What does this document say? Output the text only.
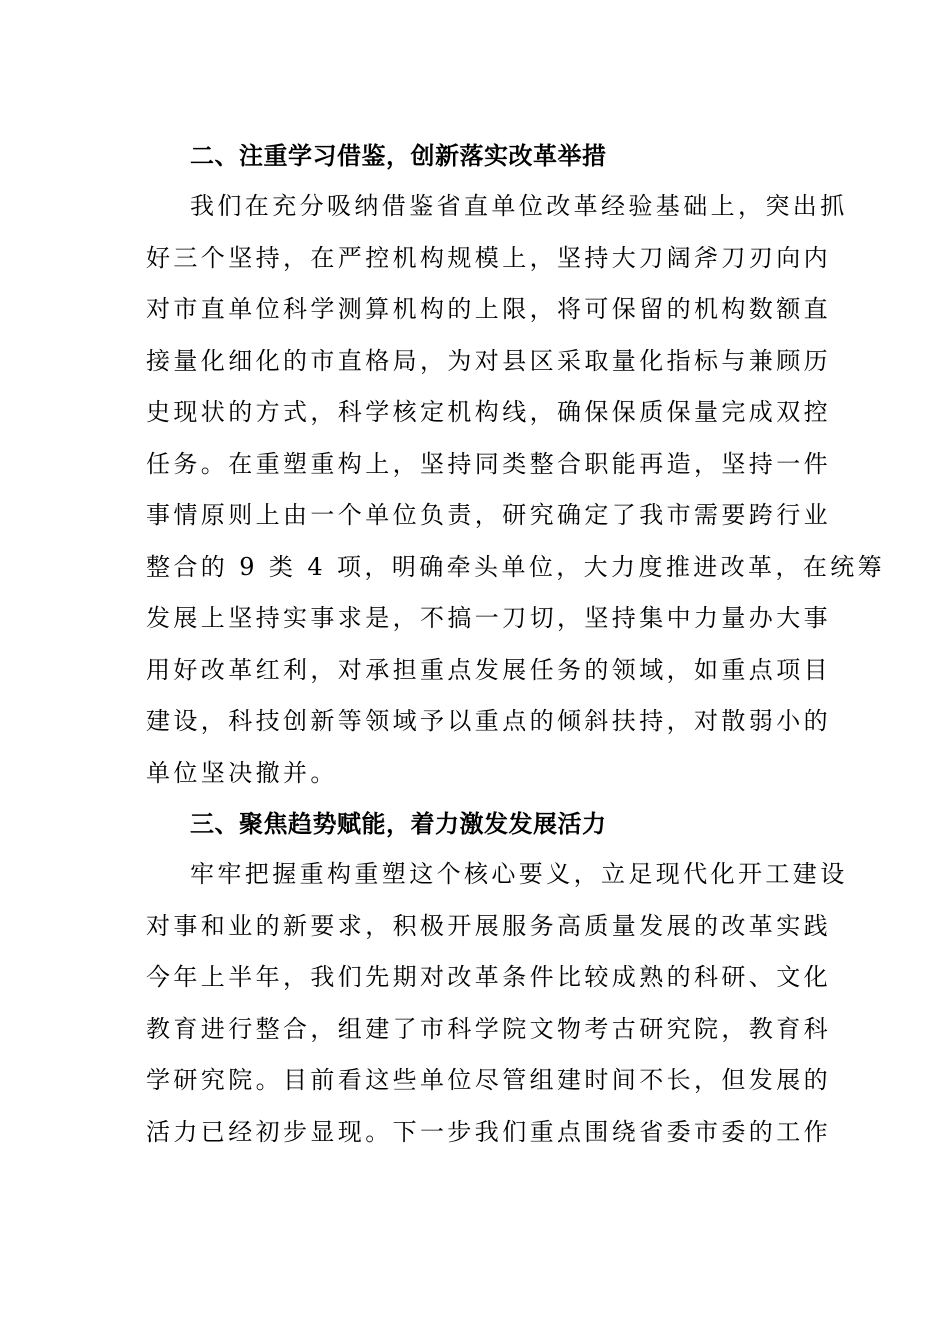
二、注重学习借鉴，创新落实改革举措
我们在充分吸纳借鉴省直单位改革经验基础上，突出抓
好三个坚持，在严控机构规模上，坚持大刀阔斧刀刃向内
对市直单位科学测算机构的上限，将可保留的机构数额直
接量化细化的市直格局，为对县区采取量化指标与兼顾历
史现状的方式，科学核定机构线，确保保质保量完成双控
任务。在重塑重构上，坚持同类整合职能再造，坚持一件
事情原则上由一个单位负责，研究确定了我市需要跨行业
整合的 9 类 4 项，明确牵头单位，大力度推进改革，在统筹
发展上坚持实事求是，不搞一刀切，坚持集中力量办大事
用好改革红利，对承担重点发展任务的领域，如重点项目
建设，科技创新等领域予以重点的倾斜扶持，对散弱小的
单位坚决撤并。
三、聚焦趋势赋能，着力激发发展活力
牢牢把握重构重塑这个核心要义，立足现代化开工建设
对事和业的新要求，积极开展服务高质量发展的改革实践
今年上半年，我们先期对改革条件比较成熟的科研、文化
教育进行整合，组建了市科学院文物考古研究院，教育科
学研究院。目前看这些单位尽管组建时间不长，但发展的
活力已经初步显现。下一步我们重点围绕省委市委的工作
